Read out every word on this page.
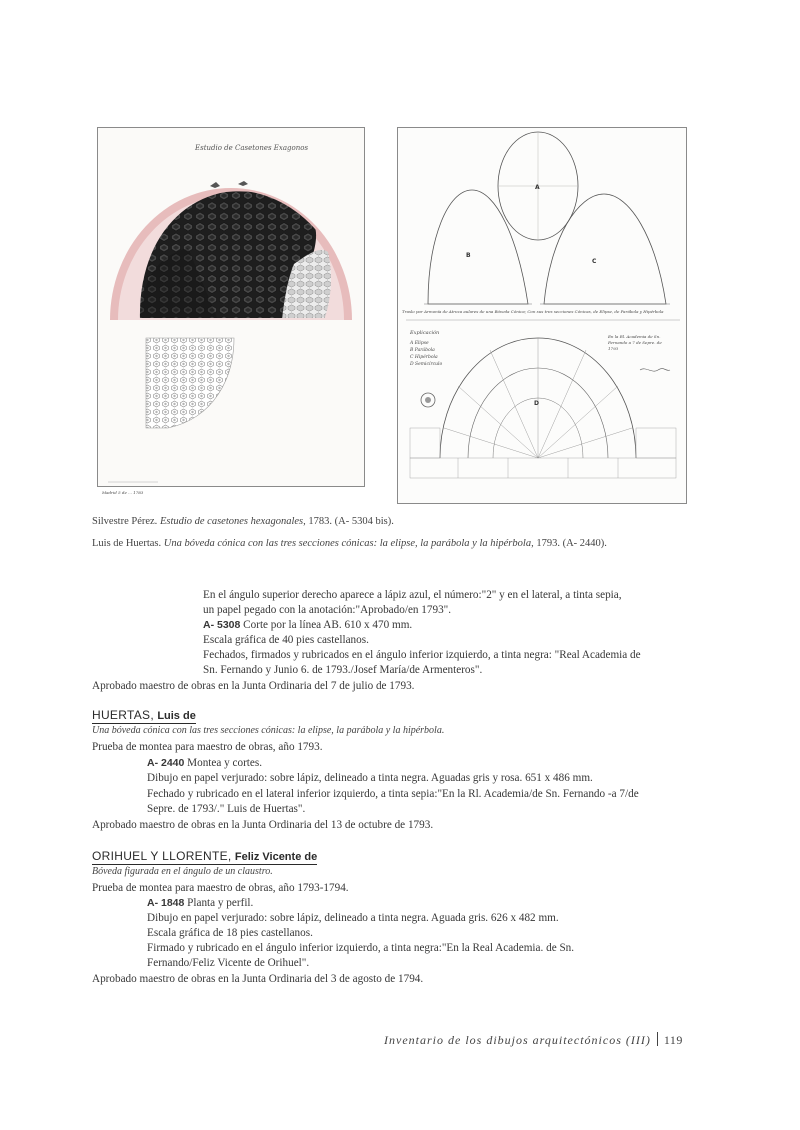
Estudio de Casetones Exagonos
Madrid 5 de ... 1783
A
B
C
D
Traslo por Armonía de Atroza aulares de una Bóveda Cónica; Con sus tres secciones Cónicas, de Elipse, de Parábola y Hipérbola
Explicación
A Elipse
B Parábola
C Hipérbola
D Semicírculo
En la Rl. Academia de Sn. Fernando a 7 de Sepre. de 1793
Silvestre Pérez. Estudio de casetones hexagonales, 1783. (A- 5304 bis).
Luis de Huertas. Una bóveda cónica con las tres secciones cónicas: la elipse, la parábola y la hipérbola, 1793. (A- 2440).
En el ángulo superior derecho aparece a lápiz azul, el número:"2" y en el lateral, a tinta sepia,
un papel pegado con la anotación:"Aprobado/en 1793".
A- 5308 Corte por la línea AB. 610 x 470 mm.
Escala gráfica de 40 pies castellanos.
Fechados, firmados y rubricados en el ángulo inferior izquierdo, a tinta negra: "Real Academia de
Sn. Fernando y Junio 6. de 1793./Josef María/de Armenteros".
Aprobado maestro de obras en la Junta Ordinaria del 7 de julio de 1793.
HUERTAS, Luis de
Una bóveda cónica con las tres secciones cónicas: la elipse, la parábola y la hipérbola.
Prueba de montea para maestro de obras, año 1793.
A- 2440 Montea y cortes.
Dibujo en papel verjurado: sobre lápiz, delineado a tinta negra. Aguadas gris y rosa. 651 x 486 mm.
Fechado y rubricado en el lateral inferior izquierdo, a tinta sepia:"En la Rl. Academia/de Sn. Fernando -a 7/de
Sepre. de 1793/." Luis de Huertas".
Aprobado maestro de obras en la Junta Ordinaria del 13 de octubre de 1793.
ORIHUEL Y LLORENTE, Feliz Vicente de
Bóveda figurada en el ángulo de un claustro.
Prueba de montea para maestro de obras, año 1793-1794.
A- 1848 Planta y perfil.
Dibujo en papel verjurado: sobre lápiz, delineado a tinta negra. Aguada gris. 626 x 482 mm.
Escala gráfica de 18 pies castellanos.
Firmado y rubricado en el ángulo inferior izquierdo, a tinta negra:"En la Real Academia. de Sn.
Fernando/Feliz Vicente de Orihuel".
Aprobado maestro de obras en la Junta Ordinaria del 3 de agosto de 1794.
Inventario de los dibujos arquitectónicos (III) 119
